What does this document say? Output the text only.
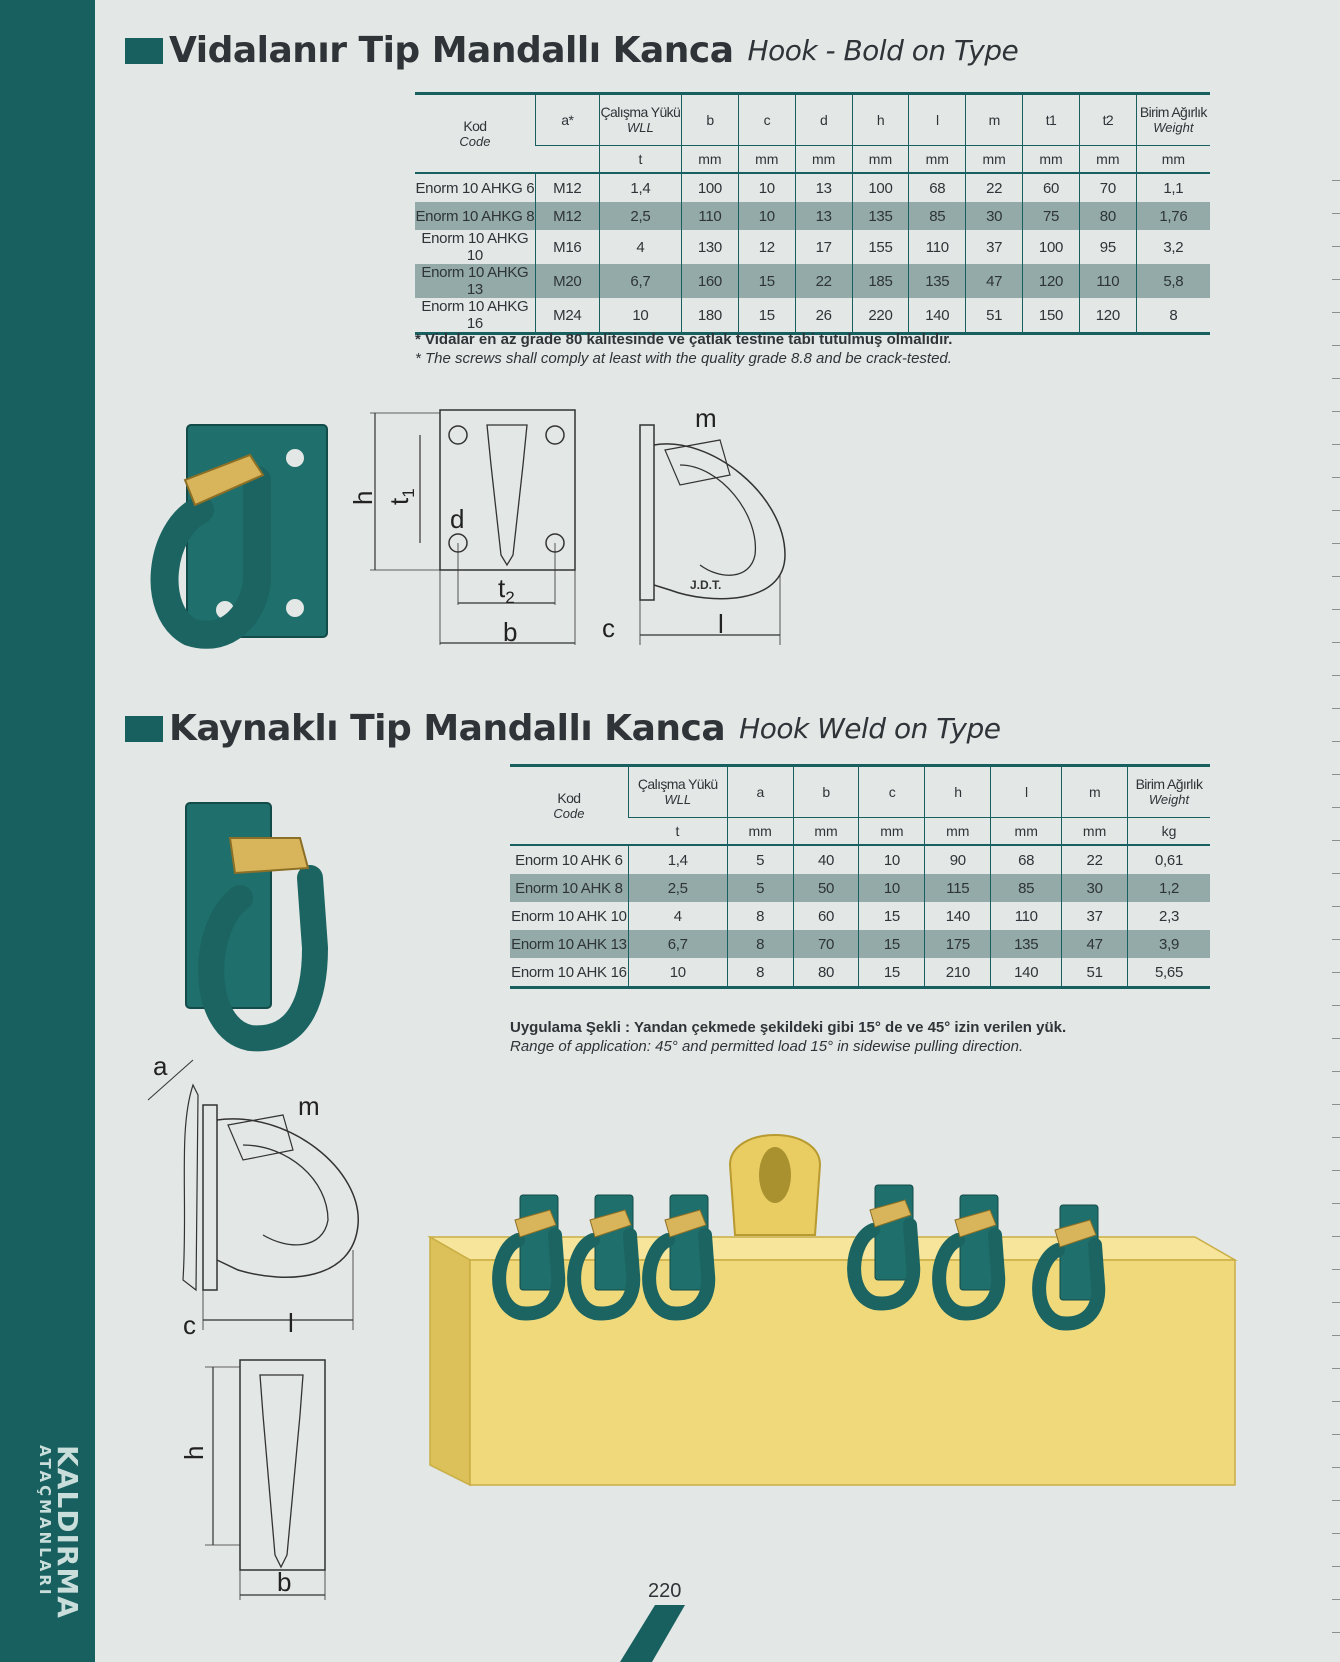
KALDIRMA
ATAÇMANLARI
Vidalanır Tip Mandallı Kanca Hook - Bold on Type
Kod
Code	a*	Çalışma Yükü
WLL	b	c	d	h	l	m	t1	t2	Birim Ağırlık
Weight

		t	mm	mm	mm	mm	mm	mm	mm	mm	mm
Enorm 10 AHKG 6	M12	1,4	100	10	13	100	68	22	60	70	1,1
Enorm 10 AHKG 8	M12	2,5	110	10	13	135	85	30	75	80	1,76
Enorm 10 AHKG 10	M16	4	130	12	17	155	110	37	100	95	3,2
Enorm 10 AHKG 13	M20	6,7	160	15	22	185	135	47	120	110	5,8
Enorm 10 AHKG 16	M24	10	180	15	26	220	140	51	150	120	8
* Vidalar en az grade 80 kalitesinde ve çatlak testine tabi tutulmuş olmalıdır.
* The screws shall comply at least with the quality grade 8.8 and be crack-tested.
h $t_1$
d
$t_2$
b
J.D.T.
m
c	l
Kaynaklı Tip Mandallı Kanca Hook Weld on Type
Kod
Code	Çalışma Yükü
WLL	a	b	c	h	l	m	Birim Ağırlık
Weight

	t	mm	mm	mm	mm	mm	mm	kg
Enorm 10 AHK 6	1,4	5	40	10	90	68	22	0,61
Enorm 10 AHK 8	2,5	5	50	10	115	85	30	1,2
Enorm 10 AHK 10	4	8	60	15	140	110	37	2,3
Enorm 10 AHK 13	6,7	8	70	15	175	135	47	3,9
Enorm 10 AHK 16	10	8	80	15	210	140	51	5,65
Uygulama Şekli : Yandan çekmede şekildeki gibi 15° de ve 45° izin verilen yük.
Range of application: 45° and permitted load 15° in sidewise pulling direction.
a
m
c	l
h
b	220
